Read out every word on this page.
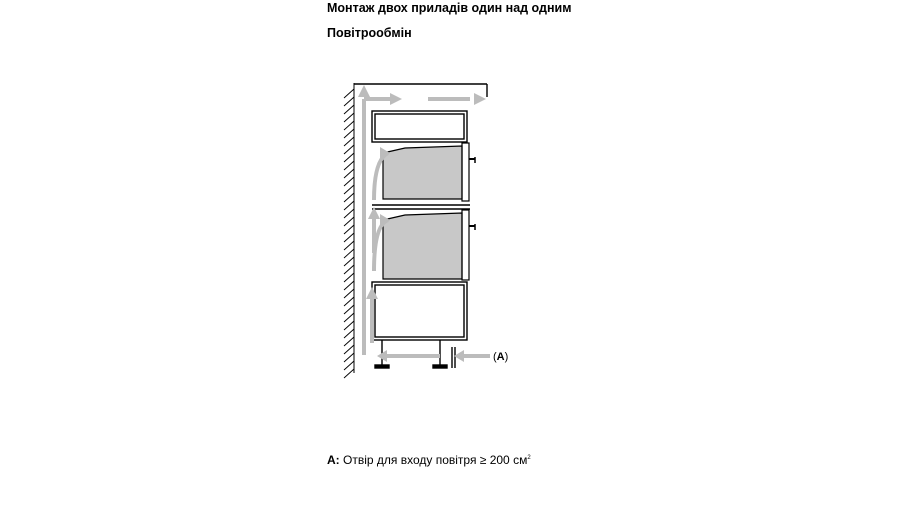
Монтаж двох приладів один над одним
Повітрообмін
(A)
A: Отвір для входу повітря ≥ 200 $см^2$
